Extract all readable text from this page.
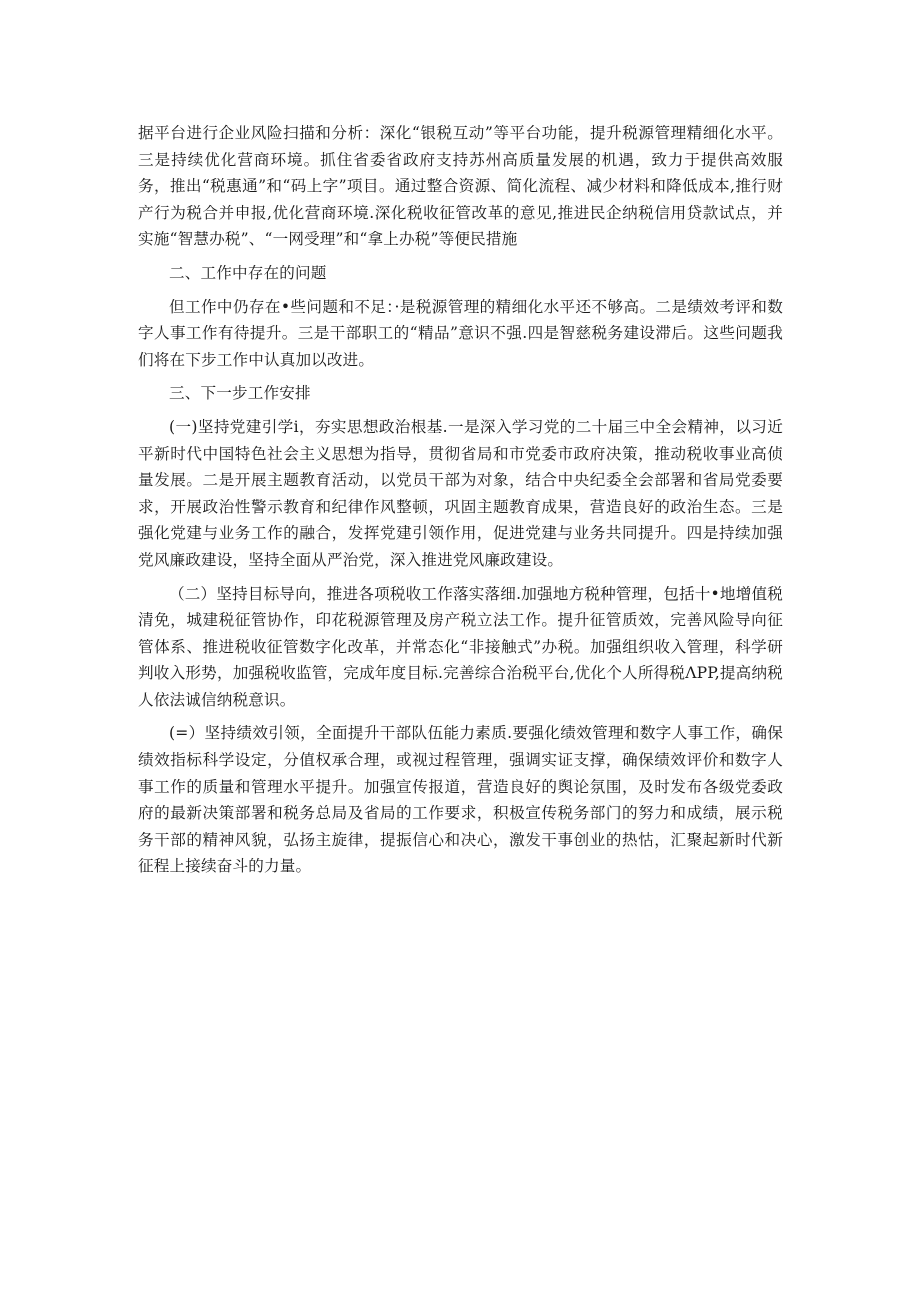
据平台进行企业风险扫描和分析：深化“银税互动”等平台功能，提升税源管理精细化水平。三是持续优化营商环境。抓住省委省政府支持苏州高质量发展的机遇，致力于提供高效服务，推出“税惠通”和“码上字”项目。通过整合资源、简化流程、减少材料和降低成本,推行财产行为税合并申报,优化营商环境.深化税收征管改革的意见,推进民企纳税信用贷款试点，并实施“智慧办税”、“一网受理”和“拿上办税”等便民措施

二、工作中存在的问题

但工作中仍存在•些问题和不足：·是税源管理的精细化水平还不够高。二是绩效考评和数字人事工作有待提升。三是干部职工的“精品”意识不强.四是智慈税务建设滞后。这些问题我们将在下步工作中认真加以改进。

三、下一步工作安排

(一)坚持党建引学i，夯实思想政治根基.一是深入学习党的二十届三中全会精神，以习近平新时代中国特色社会主义思想为指导，贯彻省局和市党委市政府决策，推动税收事业高侦量发展。二是开展主题教育活动，以党员干部为对象，结合中央纪委全会部署和省局党委要求，开展政治性警示教育和纪律作风整顿，巩固主题教育成果，营造良好的政治生态。三是强化党建与业务工作的融合，发挥党建引领作用，促进党建与业务共同提升。四是持续加强党风廉政建设，坚持全面从严治党，深入推进党风廉政建设。

（二）坚持目标导向，推进各项税收工作落实落细.加强地方税种管理，包括十•地增值税清免，城建税征管协作，印花税源管理及房产税立法工作。提升征管质效，完善风险导向征管体系、推进税收征管数字化改革，并常态化“非接触式”办税。加强组织收入管理，科学研判收入形势，加强税收监管，完成年度目标.完善综合治税平台,优化个人所得税ΛPP,提高纳税人依法诚信纳税意识。

(=）坚持绩效引领，全面提升干部队伍能力素质.要强化绩效管理和数字人事工作，确保绩效指标科学设定，分值权承合理，或视过程管理，强调实证支撑，确保绩效评价和数字人事工作的质量和管理水平提升。加强宣传报道，营造良好的舆论氛围，及时发布各级党委政府的最新决策部署和税务总局及省局的工作要求，积极宣传税务部门的努力和成绩，展示税务干部的精神风貌，弘扬主旋律，提振信心和决心，激发干事创业的热怙，汇聚起新时代新征程上接续奋斗的力量。
